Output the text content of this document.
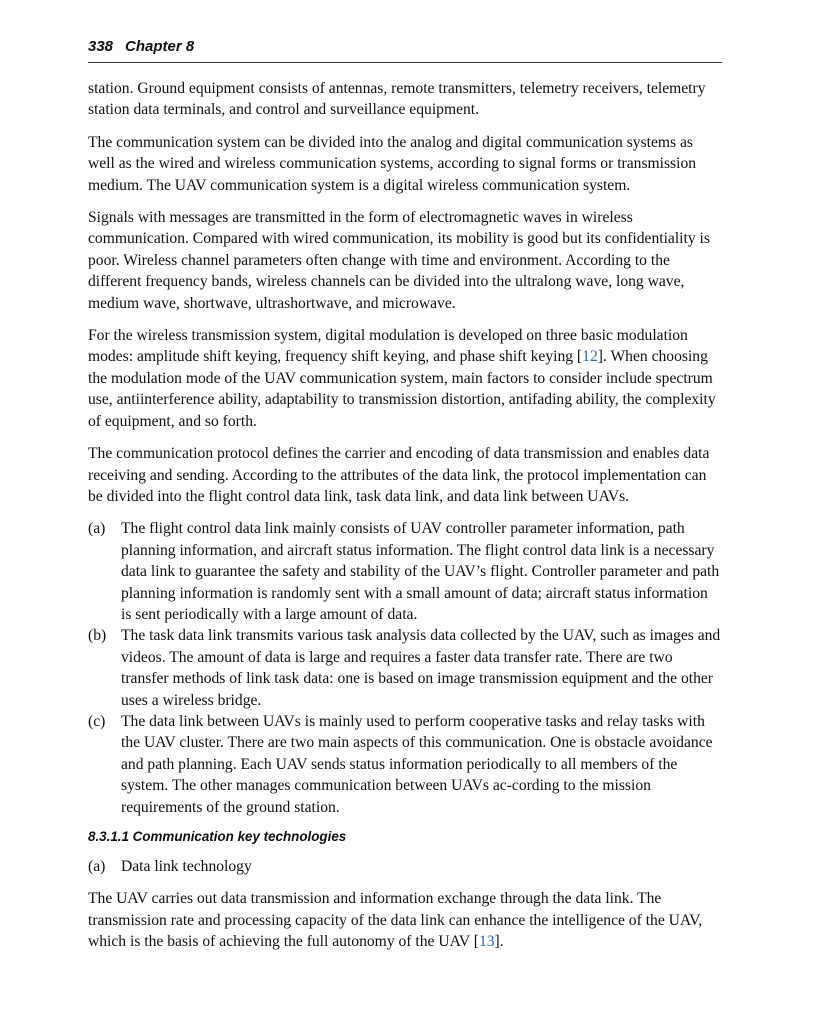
338 Chapter 8

station. Ground equipment consists of antennas, remote transmitters, telemetry receivers, telemetry station data terminals, and control and surveillance equipment.

The communication system can be divided into the analog and digital communication systems as well as the wired and wireless communication systems, according to signal forms or transmission medium. The UAV communication system is a digital wireless communication system.

Signals with messages are transmitted in the form of electromagnetic waves in wireless communication. Compared with wired communication, its mobility is good but its confidentiality is poor. Wireless channel parameters often change with time and environment. According to the different frequency bands, wireless channels can be divided into the ultralong wave, long wave, medium wave, shortwave, ultrashortwave, and microwave.

For the wireless transmission system, digital modulation is developed on three basic modulation modes: amplitude shift keying, frequency shift keying, and phase shift keying [12]. When choosing the modulation mode of the UAV communication system, main factors to consider include spectrum use, antiinterference ability, adaptability to transmission distortion, antifading ability, the complexity of equipment, and so forth.

The communication protocol defines the carrier and encoding of data transmission and enables data receiving and sending. According to the attributes of the data link, the protocol implementation can be divided into the flight control data link, task data link, and data link between UAVs.

(a)	The flight control data link mainly consists of UAV controller parameter information, path planning information, and aircraft status information. The flight control data link is a necessary data link to guarantee the safety and stability of the UAV’s flight. Controller parameter and path planning information is randomly sent with a small amount of data; aircraft status information is sent periodically with a large amount of data.
(b) The task data link transmits various task analysis data collected by the UAV, such as images and videos. The amount of data is large and requires a faster data transfer rate. There are two transfer methods of link task data: one is based on image transmission equipment and the other uses a wireless bridge.
(c)	The data link between UAVs is mainly used to perform cooperative tasks and relay tasks with the UAV cluster. There are two main aspects of this communication. One is obstacle avoidance and path planning. Each UAV sends status information periodically to all members of the system. The other manages communication between UAVs ac-cording to the mission requirements of the ground station.
8.3.1.1 Communication key technologies
(a)	Data link technology

The UAV carries out data transmission and information exchange through the data link. The transmission rate and processing capacity of the data link can enhance the intelligence of the UAV, which is the basis of achieving the full autonomy of the UAV [13].
